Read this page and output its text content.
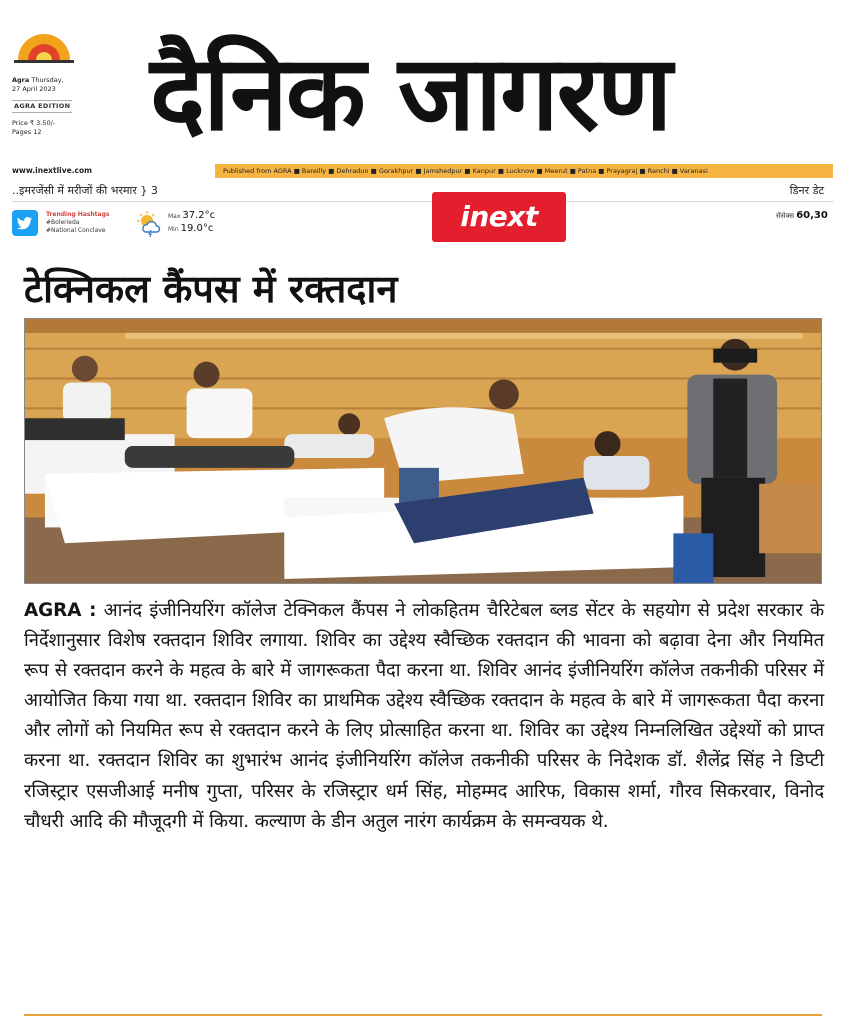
Agra Thursday,
27 April 2023
AGRA EDITION
Price ₹ 3.50/-
Pages 12	दैनिक जागरण
www.inextlive.com	Published from AGRA ■ Bareilly ■ Dehradun ■ Gorakhpur ■ Jamshedpur ■ Kanpur ■ Lucknow ■ Meerut ■ Patna ■ Prayagraj ■ Ranchi ■ Varanasi
..इमरजेंसी में मरीजों की भरमार } 3	डिनर डेट
Trending Hashtags
#Bolerieda
#National Conclave
Max 37.2°c
Min 19.0°c	inext	सेंसेक्स 60,30
टेक्निकल कैंपस में रक्तदान
AGRA : आनंद इंजीनियरिंग कॉलेज टेक्निकल कैंपस ने लोकहितम चैरिटेबल ब्लड सेंटर के सहयोग से प्रदेश सरकार के निर्देशानुसार विशेष रक्तदान शिविर लगाया. शिविर का उद्देश्य स्वैच्छिक रक्तदान की भावना को बढ़ावा देना और नियमित रूप से रक्तदान करने के महत्व के बारे में जागरूकता पैदा करना था. शिविर आनंद इंजीनियरिंग कॉलेज तकनीकी परिसर में आयोजित किया गया था. रक्तदान शिविर का प्राथमिक उद्देश्य स्वैच्छिक रक्तदान के महत्व के बारे में जागरूकता पैदा करना और लोगों को नियमित रूप से रक्तदान करने के लिए प्रोत्साहित करना था. शिविर का उद्देश्य निम्नलिखित उद्देश्यों को प्राप्त करना था. रक्तदान शिविर का शुभारंभ आनंद इंजीनियरिंग कॉलेज तकनीकी परिसर के निदेशक डॉ. शैलेंद्र सिंह ने डिप्टी रजिस्ट्रार एसजीआई मनीष गुप्ता, परिसर के रजिस्ट्रार धर्म सिंह, मोहम्मद आरिफ, विकास शर्मा, गौरव सिकरवार, विनोद चौधरी आदि की मौजूदगी में किया. कल्याण के डीन अतुल नारंग कार्यक्रम के समन्वयक थे.
